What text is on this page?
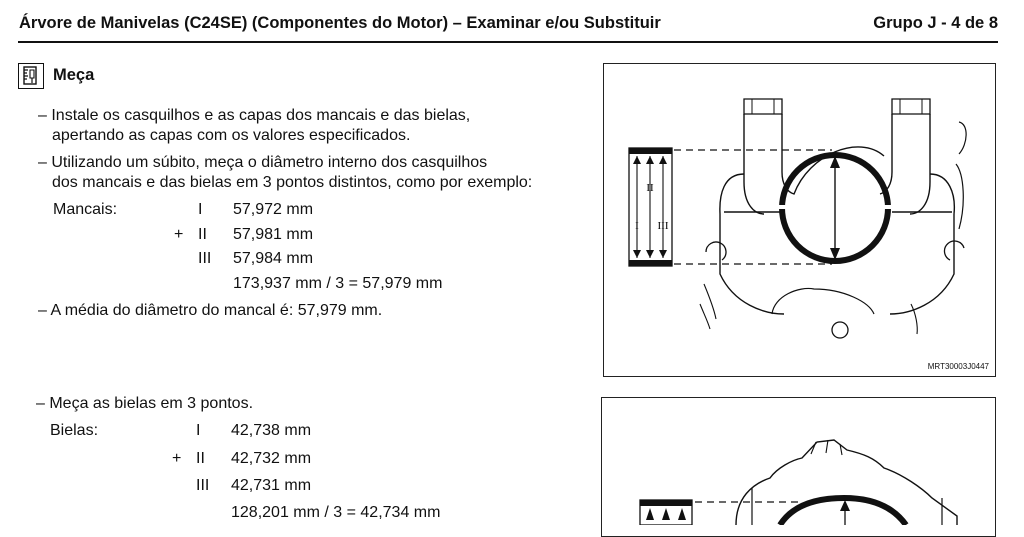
Árvore de Manivelas (C24SE) (Componentes do Motor) – Examinar e/ou Substituir	Grupo J - 4 de 8
Meça
– Instale os casquilhos e as capas dos mancais e das bielas,
apertando as capas com os valores especificados.
– Utilizando um súbito, meça o diâmetro interno dos casquilhos
dos mancais e das bielas em 3 pontos distintos, como por exemplo:
Mancais:	I 57,972 mm
+ II 57,981 mm
III 57,984 mm
173,937 mm / 3 = 57,979 mm
– A média do diâmetro do mancal é: 57,979 mm.
– Meça as bielas em 3 pontos.
Bielas:	I 42,738 mm
+ II 42,732 mm
III 42,731 mm
128,201 mm / 3 = 42,734 mm
I
II
III
MRT30003J0447
